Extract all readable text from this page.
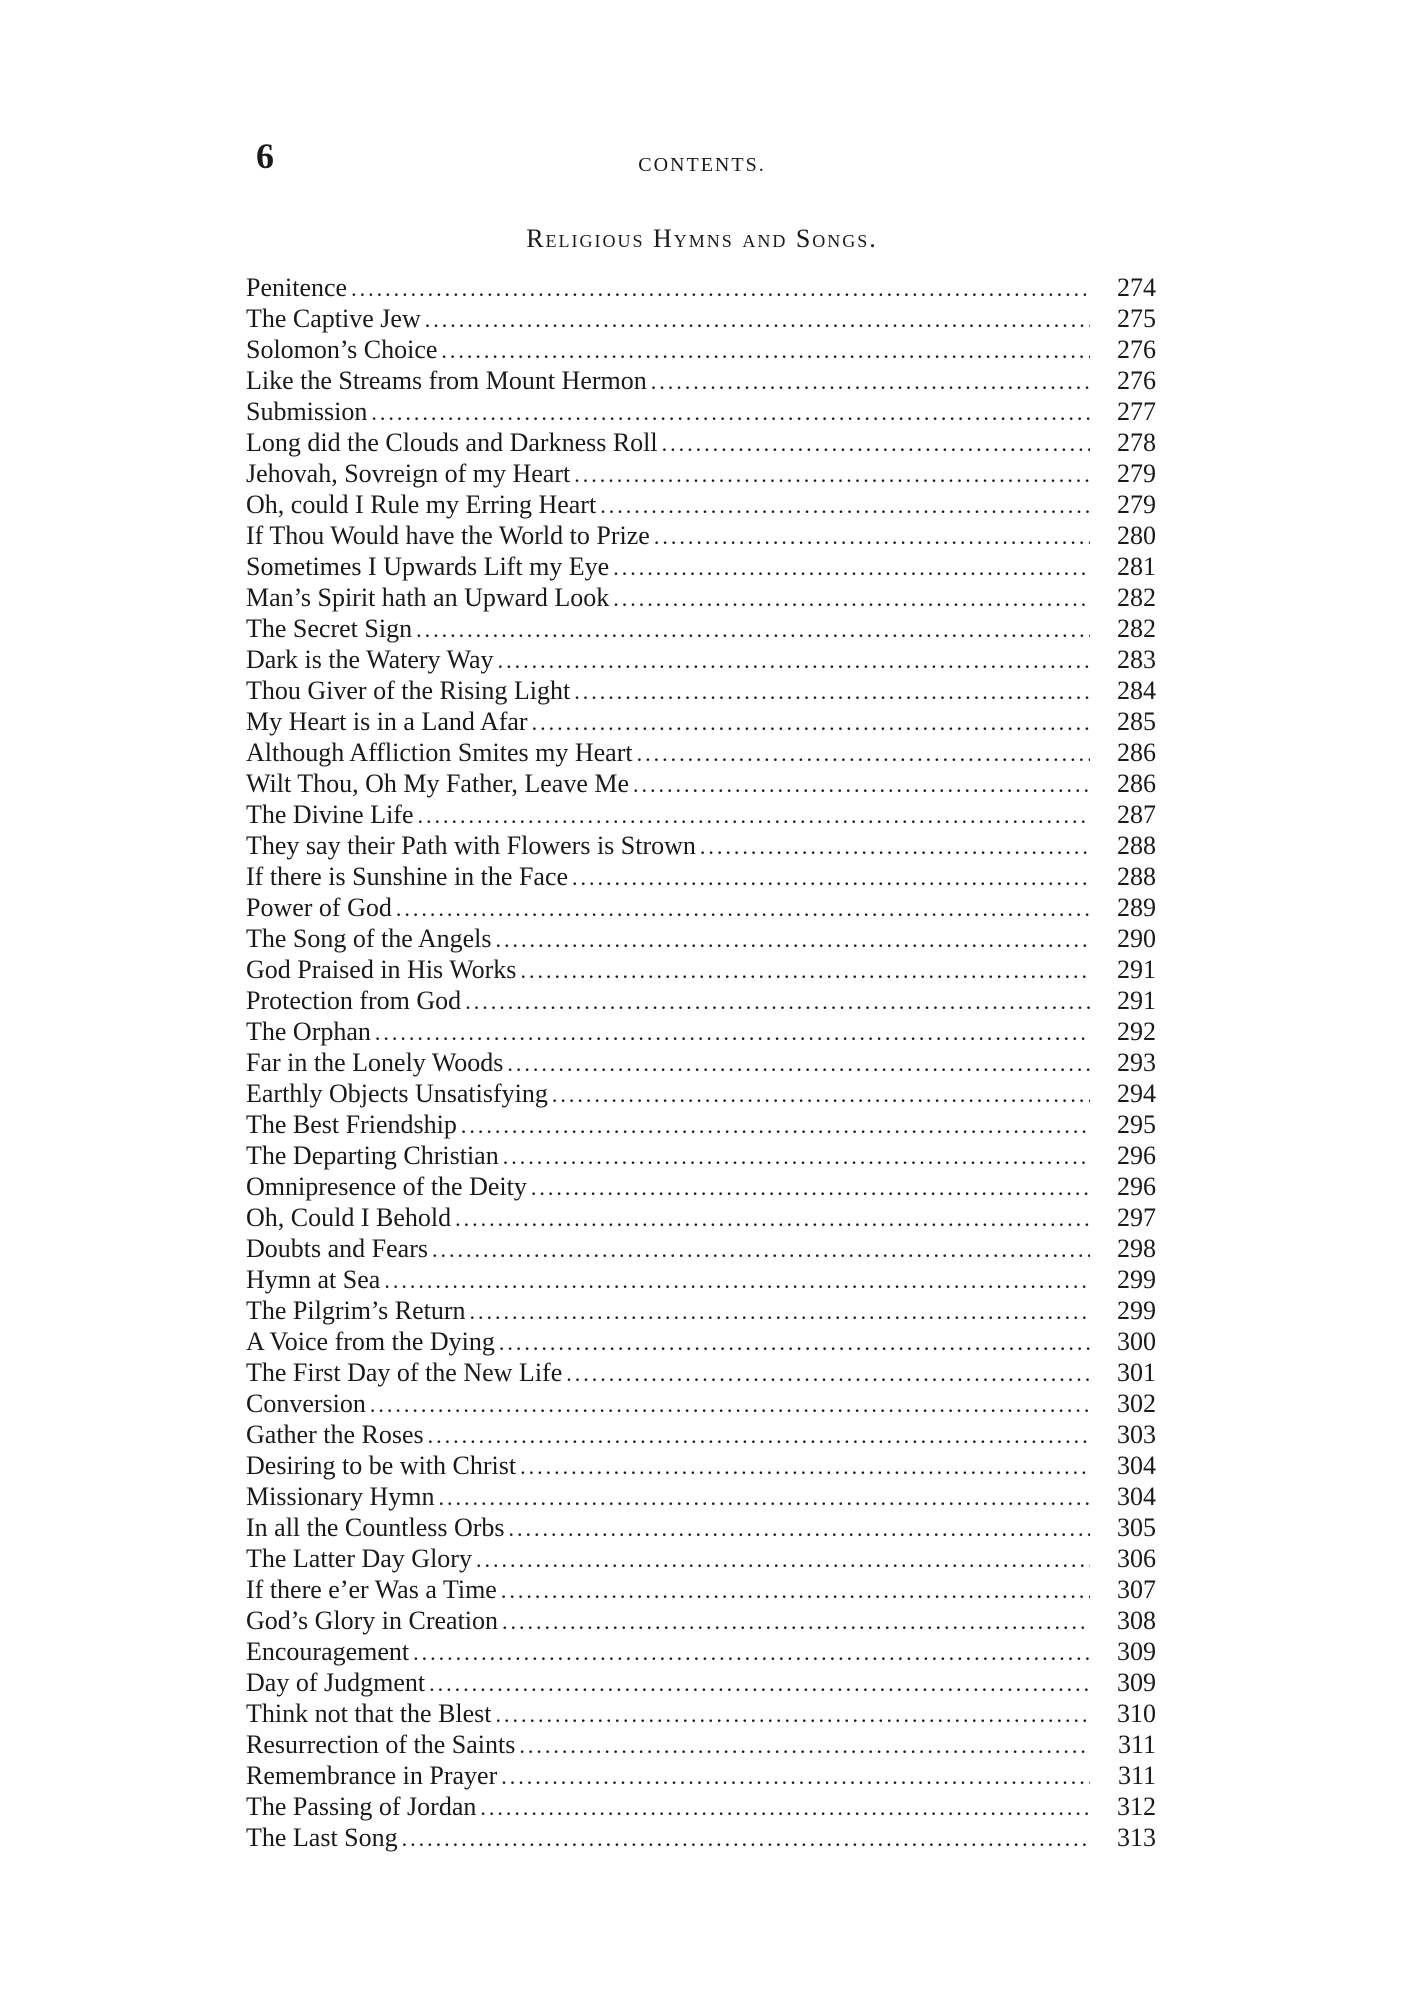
6	CONTENTS.
Religious Hymns and Songs.
Penitence .....	274
The Captive Jew .....	275
Solomon’s Choice .....	276
Like the Streams from Mount Hermon .....	276
Submission .....	277
Long did the Clouds and Darkness Roll .....	278
Jehovah, Sovreign of my Heart .....	279
Oh, could I Rule my Erring Heart .....	279
If Thou Would have the World to Prize .....	280
Sometimes I Upwards Lift my Eye .....	281
Man’s Spirit hath an Upward Look .....	282
The Secret Sign .....	282
Dark is the Watery Way .....	283
Thou Giver of the Rising Light .....	284
My Heart is in a Land Afar .....	285
Although Affliction Smites my Heart .....	286
Wilt Thou, Oh My Father, Leave Me .....	286
The Divine Life .....	287
They say their Path with Flowers is Strown .....	288
If there is Sunshine in the Face .....	288
Power of God .....	289
The Song of the Angels .....	290
God Praised in His Works .....	291
Protection from God .....	291
The Orphan .....	292
Far in the Lonely Woods .....	293
Earthly Objects Unsatisfying .....	294
The Best Friendship .....	295
The Departing Christian .....	296
Omnipresence of the Deity .....	296
Oh, Could I Behold .....	297
Doubts and Fears .....	298
Hymn at Sea .....	299
The Pilgrim’s Return .....	299
A Voice from the Dying .....	300
The First Day of the New Life .....	301
Conversion .....	302
Gather the Roses .....	303
Desiring to be with Christ .....	304
Missionary Hymn .....	304
In all the Countless Orbs .....	305
The Latter Day Glory .....	306
If there e’er Was a Time .....	307
God’s Glory in Creation .....	308
Encouragement .....	309
Day of Judgment .....	309
Think not that the Blest .....	310
Resurrection of the Saints .....	311
Remembrance in Prayer .....	311
The Passing of Jordan .....	312
The Last Song .....	313
